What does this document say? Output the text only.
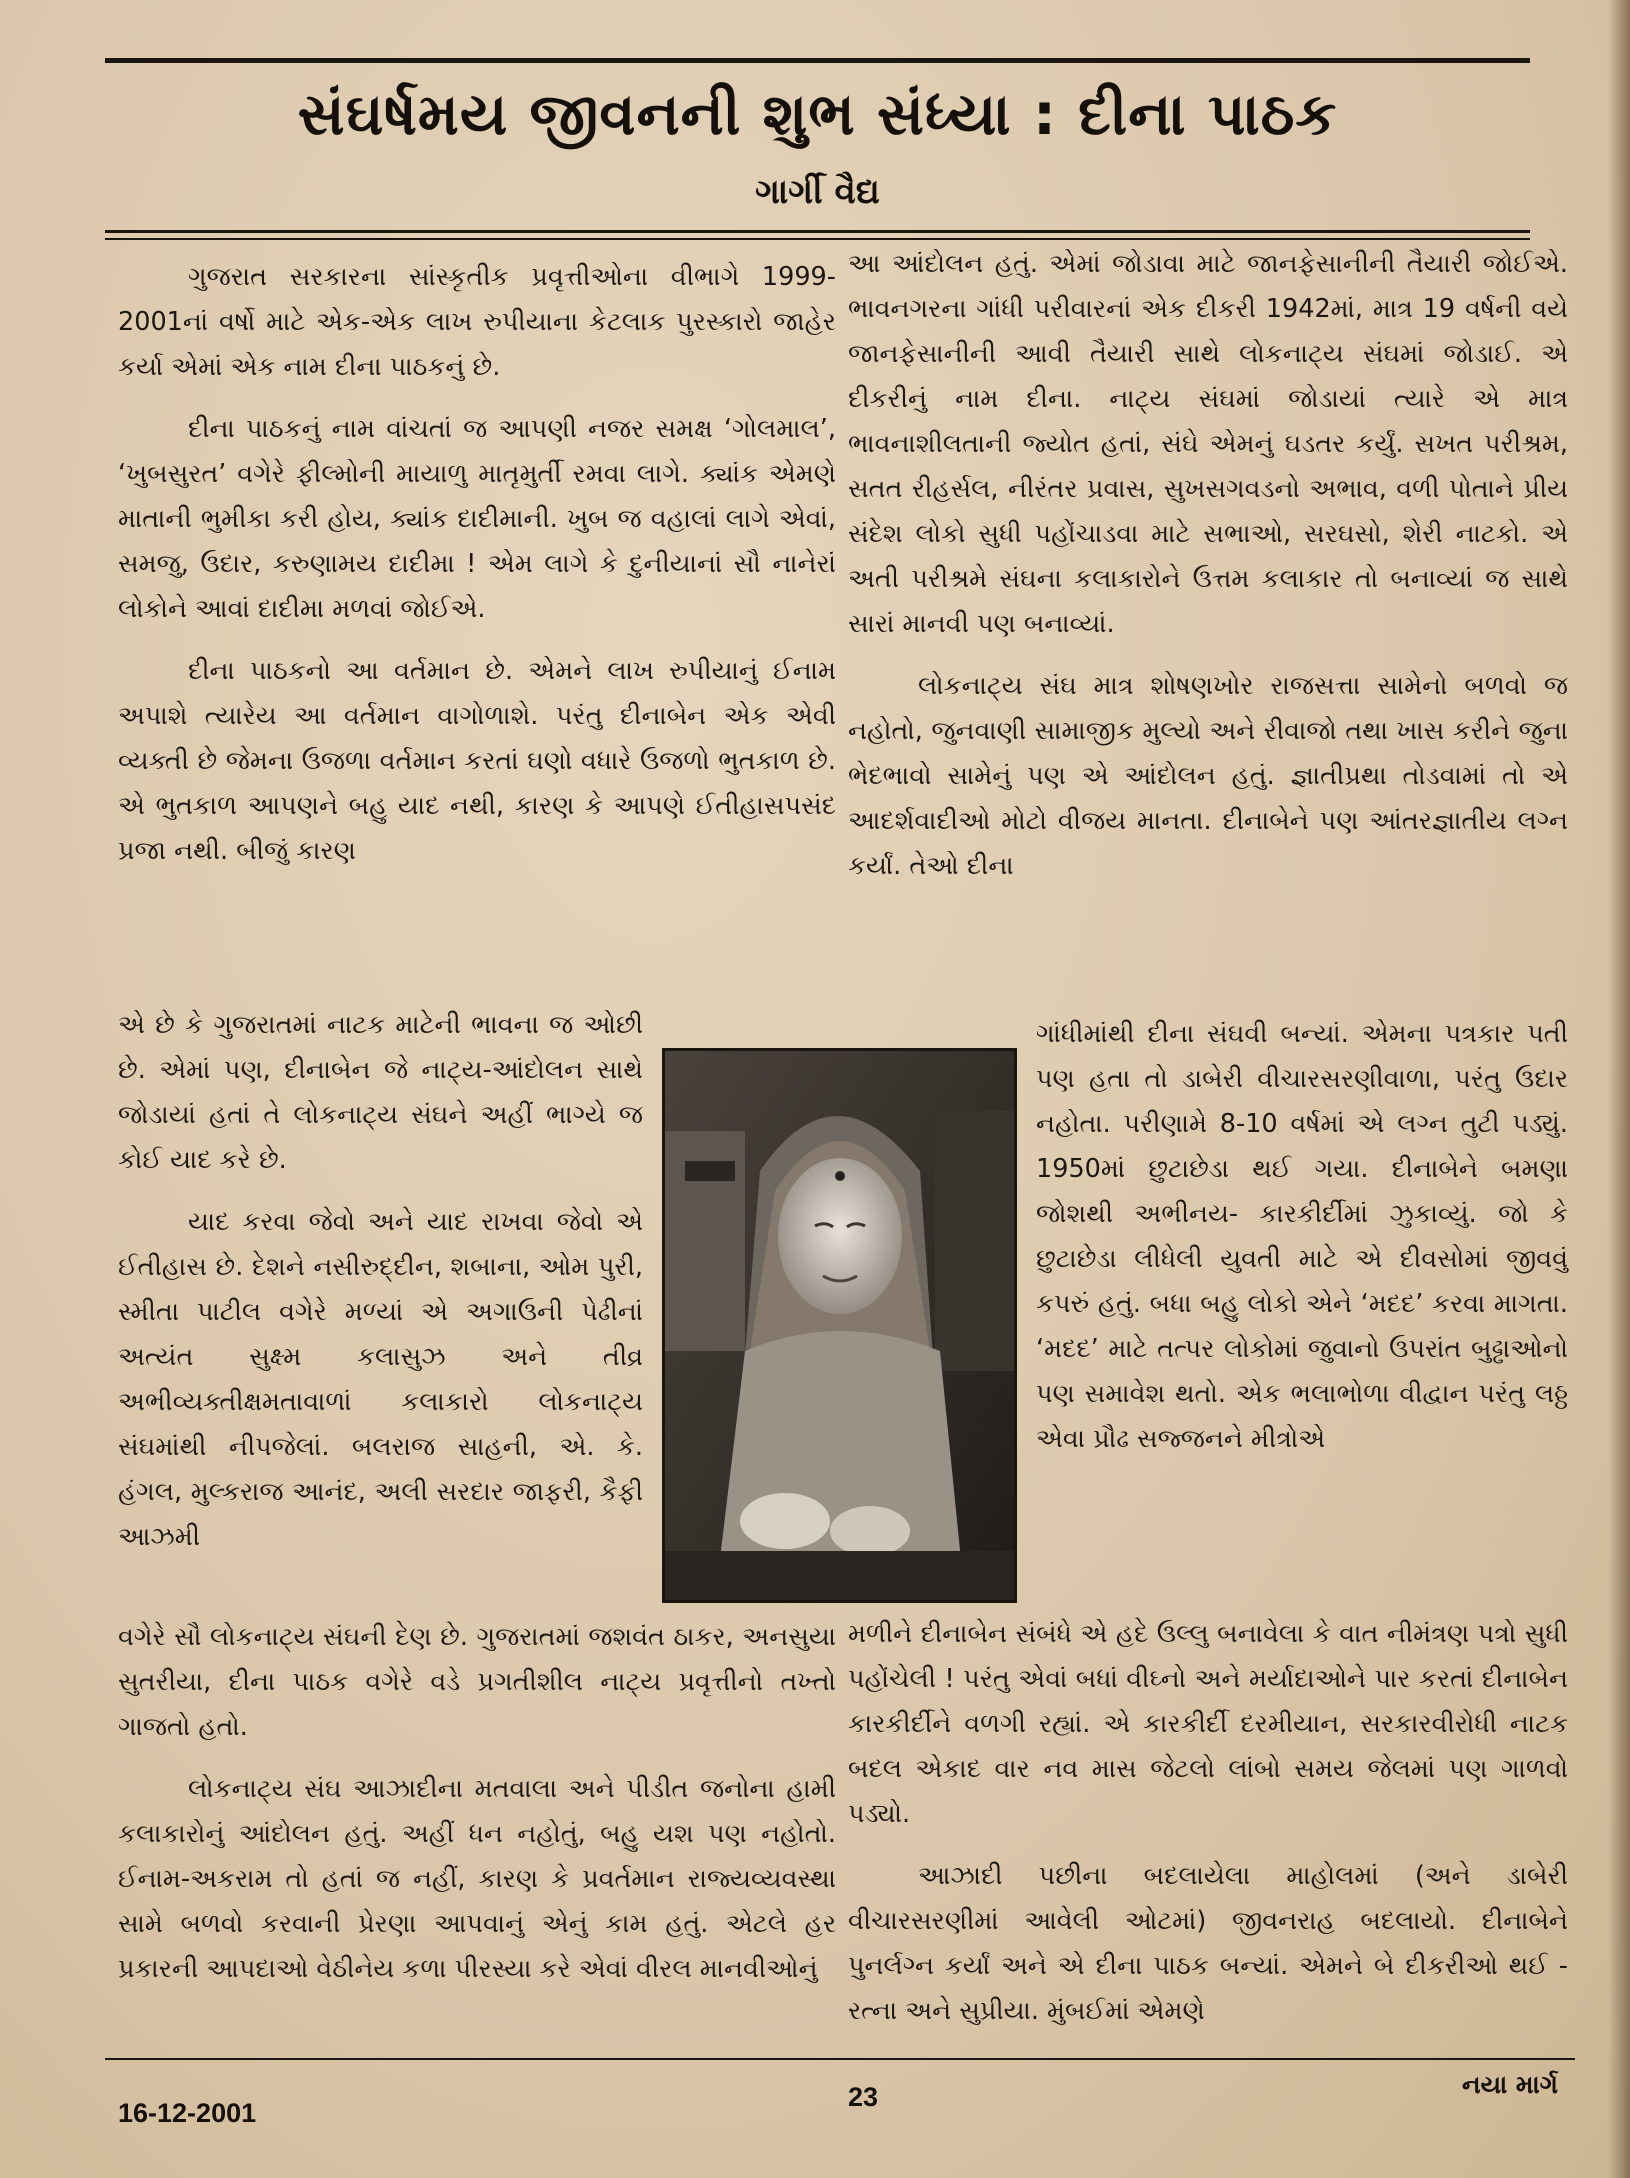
સંઘર્ષમય જીવનની શુભ સંધ્યા : દીના પાઠક
ગાર્ગી વૈદ્ય

ગુજરાત સરકારના સાંસ્કૃતીક પ્રવૃત્તીઓના વીભાગે 1999-2001નાં વર્ષો માટે એક-એક લાખ રુપીયાના કેટલાક પુરસ્કારો જાહેર કર્યા એમાં એક નામ દીના પાઠકનું છે.

દીના પાઠકનું નામ વાંચતાં જ આપણી નજર સમક્ષ ‘ગોલમાલ’, ‘ખુબસુરત’ વગેરે ફીલ્મોની માયાળુ માતૃમુર્તી રમવા લાગે. ક્યાંક એમણે માતાની ભુમીકા કરી હોય, ક્યાંક દાદીમાની. ખુબ જ વહાલાં લાગે એવાં, સમજુ, ઉદાર, કરુણામય દાદીમા ! એમ લાગે કે દુનીયાનાં સૌ નાનેરાં લોકોને આવાં દાદીમા મળવાં જોઈએ.

દીના પાઠકનો આ વર્તમાન છે. એમને લાખ રુપીયાનું ઈનામ અપાશે ત્યારેય આ વર્તમાન વાગોળાશે. પરંતુ દીનાબેન એક એવી વ્યક્તી છે જેમના ઉજળા વર્તમાન કરતાં ઘણો વધારે ઉજળો ભુતકાળ છે. એ ભુતકાળ આપણને બહુ યાદ નથી, કારણ કે આપણે ઈતીહાસપસંદ પ્રજા નથી. બીજું કારણ

એ છે કે ગુજરાતમાં નાટક માટેની ભાવના જ ઓછી છે. એમાં પણ, દીનાબેન જે નાટ્ય-આંદોલન સાથે જોડાયાં હતાં તે લોકનાટ્ય સંઘને અહીં ભાગ્યે જ કોઈ યાદ કરે છે.

યાદ કરવા જેવો અને યાદ રાખવા જેવો એ ઈતીહાસ છે. દેશને નસીરુદ્દીન, શબાના, ઓમ પુરી, સ્મીતા પાટીલ વગેરે મળ્યાં એ અગાઉની પેઢીનાં અત્યંત સુક્ષ્મ કલાસુઝ અને તીવ્ર અભીવ્યક્તીક્ષમતાવાળાં કલાકારો લોકનાટ્ય સંઘમાંથી નીપજેલાં. બલરાજ સાહની, એ. કે. હંગલ, મુલ્કરાજ આનંદ, અલી સરદાર જાફરી, કૈફી આઝમી

વગેરે સૌ લોકનાટ્ય સંઘની દેણ છે. ગુજરાતમાં જશવંત ઠાકર, અનસુયા સુતરીયા, દીના પાઠક વગેરે વડે પ્રગતીશીલ નાટ્ય પ્રવૃત્તીનો તખ્તો ગાજતો હતો.

લોકનાટ્ય સંઘ આઝાદીના મતવાલા અને પીડીત જનોના હામી કલાકારોનું આંદોલન હતું. અહીં ધન નહોતું, બહુ યશ પણ નહોતો. ઈનામ-અકરામ તો હતાં જ નહીં, કારણ કે પ્રવર્તમાન રાજ્યવ્યવસ્થા સામે બળવો કરવાની પ્રેરણા આપવાનું એનું કામ હતું. એટલે હર પ્રકારની આપદાઓ વેઠીનેય કળા પીરસ્યા કરે એવાં વીરલ માનવીઓનું

આ આંદોલન હતું. એમાં જોડાવા માટે જાનફેસાનીની તૈયારી જોઈએ. ભાવનગરના ગાંધી પરીવારનાં એક દીકરી 1942માં, માત્ર 19 વર્ષની વયે જાનફેસાનીની આવી તૈયારી સાથે લોકનાટ્ય સંઘમાં જોડાઈ. એ દીકરીનું નામ દીના. નાટ્ય સંઘમાં જોડાયાં ત્યારે એ માત્ર ભાવનાશીલતાની જ્યોત હતાં, સંઘે એમનું ઘડતર કર્યું. સખત પરીશ્રમ, સતત રીહર્સલ, નીરંતર પ્રવાસ, સુખસગવડનો અભાવ, વળી પોતાને પ્રીય સંદેશ લોકો સુધી પહોંચાડવા માટે સભાઓ, સરઘસો, શેરી નાટકો. એ અતી પરીશ્રમે સંઘના કલાકારોને ઉત્તમ કલાકાર તો બનાવ્યાં જ સાથે સારાં માનવી પણ બનાવ્યાં.

લોકનાટ્ય સંઘ માત્ર શોષણખોર રાજસત્તા સામેનો બળવો જ નહોતો, જુનવાણી સામાજીક મુલ્યો અને રીવાજો તથા ખાસ કરીને જુના ભેદભાવો સામેનું પણ એ આંદોલન હતું. જ્ઞાતીપ્રથા તોડવામાં તો એ આદર્શવાદીઓ મોટો વીજય માનતા. દીનાબેને પણ આંતરજ્ઞાતીય લગ્ન કર્યાં. તેઓ દીના

ગાંધીમાંથી દીના સંઘવી બન્યાં. એમના પત્રકાર પતી પણ હતા તો ડાબેરી વીચારસરણીવાળા, પરંતુ ઉદાર નહોતા. પરીણામે 8-10 વર્ષમાં એ લગ્ન તુટી પડ્યું. 1950માં છુટાછેડા થઈ ગયા. દીનાબેને બમણા જોશથી અભીનય- કારકીર્દીમાં ઝુકાવ્યું. જો કે છુટાછેડા લીધેલી યુવતી માટે એ દીવસોમાં જીવવું કપરું હતું. બધા બહુ લોકો એને ‘મદદ’ કરવા માગતા. ‘મદદ’ માટે તત્પર લોકોમાં જુવાનો ઉપરાંત બુઢ્ઢાઓનો પણ સમાવેશ થતો. એક ભલાભોળા વીદ્વાન પરંતુ લઠ્ઠ એવા પ્રૌઢ સજ્જનને મીત્રોએ

મળીને દીનાબેન સંબંધે એ હદે ઉલ્લુ બનાવેલા કે વાત નીમંત્રણ પત્રો સુધી પહોંચેલી ! પરંતુ એવાં બધાં વીઘ્નો અને મર્યાદાઓને પાર કરતાં દીનાબેન કારકીર્દીને વળગી રહ્યાં. એ કારકીર્દી દરમીયાન, સરકારવીરોધી નાટક બદલ એકાદ વાર નવ માસ જેટલો લાંબો સમય જેલમાં પણ ગાળવો પડ્યો.

આઝાદી પછીના બદલાયેલા માહોલમાં (અને ડાબેરી વીચારસરણીમાં આવેલી ઓટમાં) જીવનરાહ બદલાયો. દીનાબેને પુનર્લગ્ન કર્યાં અને એ દીના પાઠક બન્યાં. એમને બે દીકરીઓ થઈ - રત્ના અને સુપ્રીયા. મુંબઈમાં એમણે

16-12-2001
23	નયા માર્ગ
